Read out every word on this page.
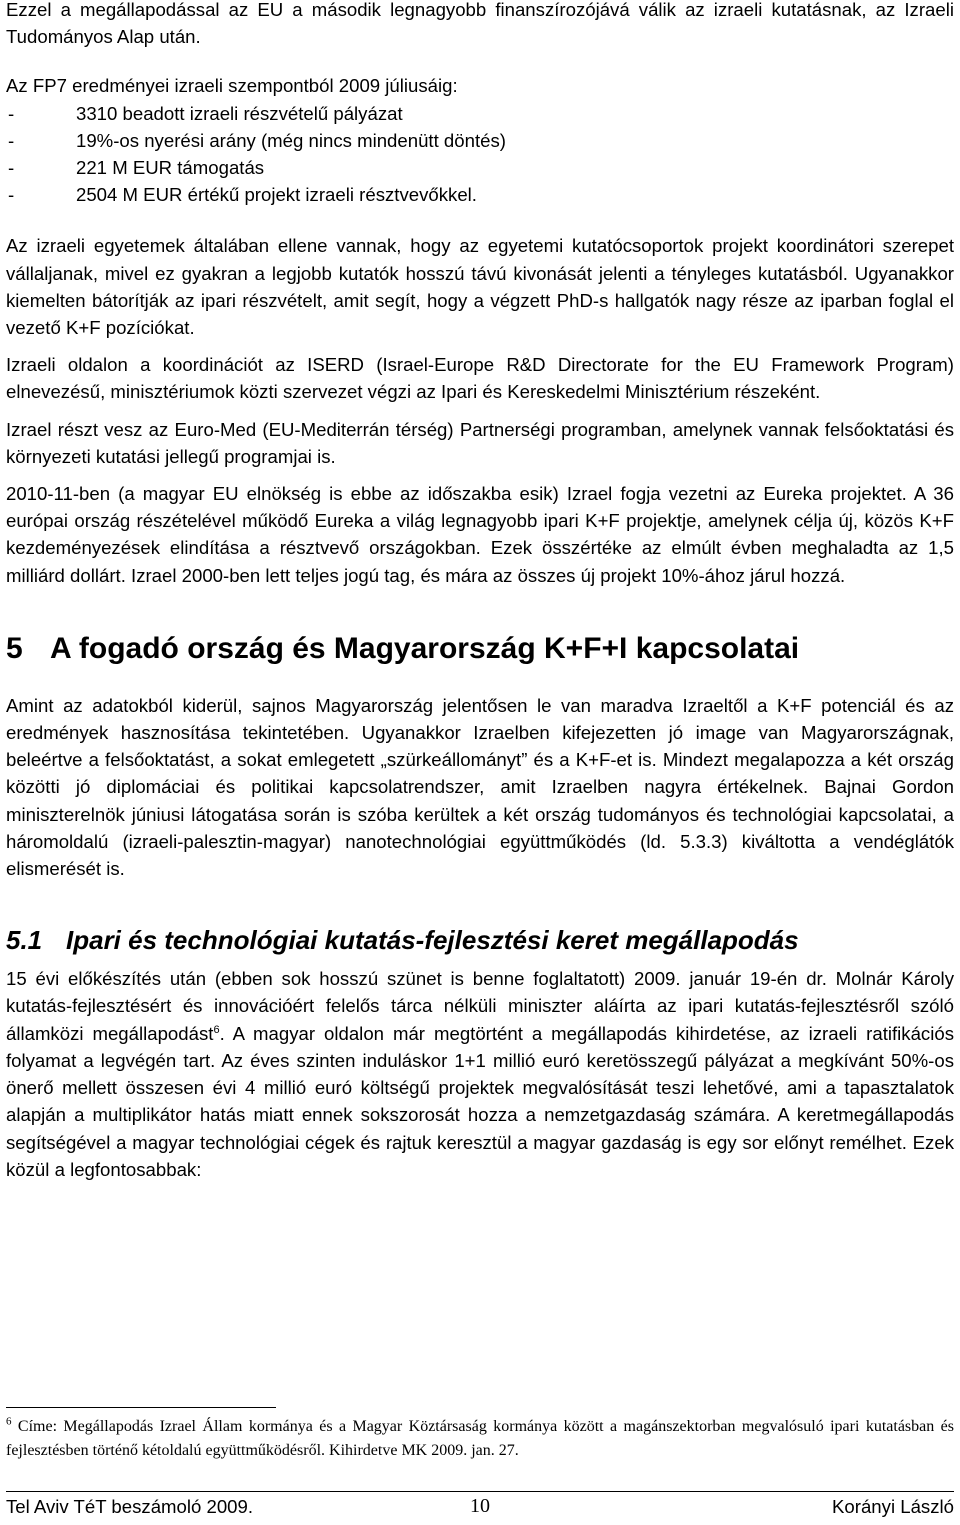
Ezzel a megállapodással az EU a második legnagyobb finanszírozójává válik az izraeli kutatásnak, az Izraeli Tudományos Alap után.

Az FP7 eredményei izraeli szempontból 2009 júliusáig:

-	3310 beadott izraeli részvételű pályázat
-	19%-os nyerési arány (még nincs mindenütt döntés)
-	221 M EUR támogatás
-	2504 M EUR értékű projekt izraeli résztvevőkkel.

Az izraeli egyetemek általában ellene vannak, hogy az egyetemi kutatócsoportok projekt koordinátori szerepet vállaljanak, mivel ez gyakran a legjobb kutatók hosszú távú kivonását jelenti a tényleges kutatásból. Ugyanakkor kiemelten bátorítják az ipari részvételt, amit segít, hogy a végzett PhD-s hallgatók nagy része az iparban foglal el vezető K+F pozíciókat.

Izraeli oldalon a koordinációt az ISERD (Israel-Europe R&D Directorate for the EU Framework Program) elnevezésű, minisztériumok közti szervezet végzi az Ipari és Kereskedelmi Minisztérium részeként.

Izrael részt vesz az Euro-Med (EU-Mediterrán térség) Partnerségi programban, amelynek vannak felsőoktatási és környezeti kutatási jellegű programjai is.

2010-11-ben (a magyar EU elnökség is ebbe az időszakba esik) Izrael fogja vezetni az Eureka projektet. A 36 európai ország részételével működő Eureka a világ legnagyobb ipari K+F projektje, amelynek célja új, közös K+F kezdeményezések elindítása a résztvevő országokban. Ezek összértéke az elmúlt évben meghaladta az 1,5 milliárd dollárt. Izrael 2000-ben lett teljes jogú tag, és mára az összes új projekt 10%-ához járul hozzá.

5 A fogadó ország és Magyarország K+F+I kapcsolatai

Amint az adatokból kiderül, sajnos Magyarország jelentősen le van maradva Izraeltől a K+F potenciál és az eredmények hasznosítása tekintetében. Ugyanakkor Izraelben kifejezetten jó image van Magyarországnak, beleértve a felsőoktatást, a sokat emlegetett „szürkeállományt” és a K+F-et is. Mindezt megalapozza a két ország közötti jó diplomáciai és politikai kapcsolatrendszer, amit Izraelben nagyra értékelnek. Bajnai Gordon miniszterelnök júniusi látogatása során is szóba kerültek a két ország tudományos és technológiai kapcsolatai, a háromoldalú (izraeli-palesztin-magyar) nanotechnológiai együttműködés (ld. 5.3.3) kiváltotta a vendéglátók elismerését is.

5.1 Ipari és technológiai kutatás-fejlesztési keret megállapodás

15 évi előkészítés után (ebben sok hosszú szünet is benne foglaltatott) 2009. január 19-én dr. Molnár Károly kutatás-fejlesztésért és innovációért felelős tárca nélküli miniszter aláírta az ipari kutatás-fejlesztésről szóló államközi megállapodást$^6$. A magyar oldalon már megtörtént a megállapodás kihirdetése, az izraeli ratifikációs folyamat a legvégén tart. Az éves szinten induláskor 1+1 millió euró keretösszegű pályázat a megkívánt 50%-os önerő mellett összesen évi 4 millió euró költségű projektek megvalósítását teszi lehetővé, ami a tapasztalatok alapján a multiplikátor hatás miatt ennek sokszorosát hozza a nemzetgazdaság számára. A keretmegállapodás segítségével a magyar technológiai cégek és rajtuk keresztül a magyar gazdaság is egy sor előnyt remélhet. Ezek közül a legfontosabbak:

$^6$ Címe: Megállapodás Izrael Állam kormánya és a Magyar Köztársaság kormánya között a magánszektorban megvalósuló ipari kutatásban és fejlesztésben történő kétoldalú együttműködésről. Kihirdetve MK 2009. jan. 27.

Tel Aviv TéT beszámoló 2009.	10	Korányi László
